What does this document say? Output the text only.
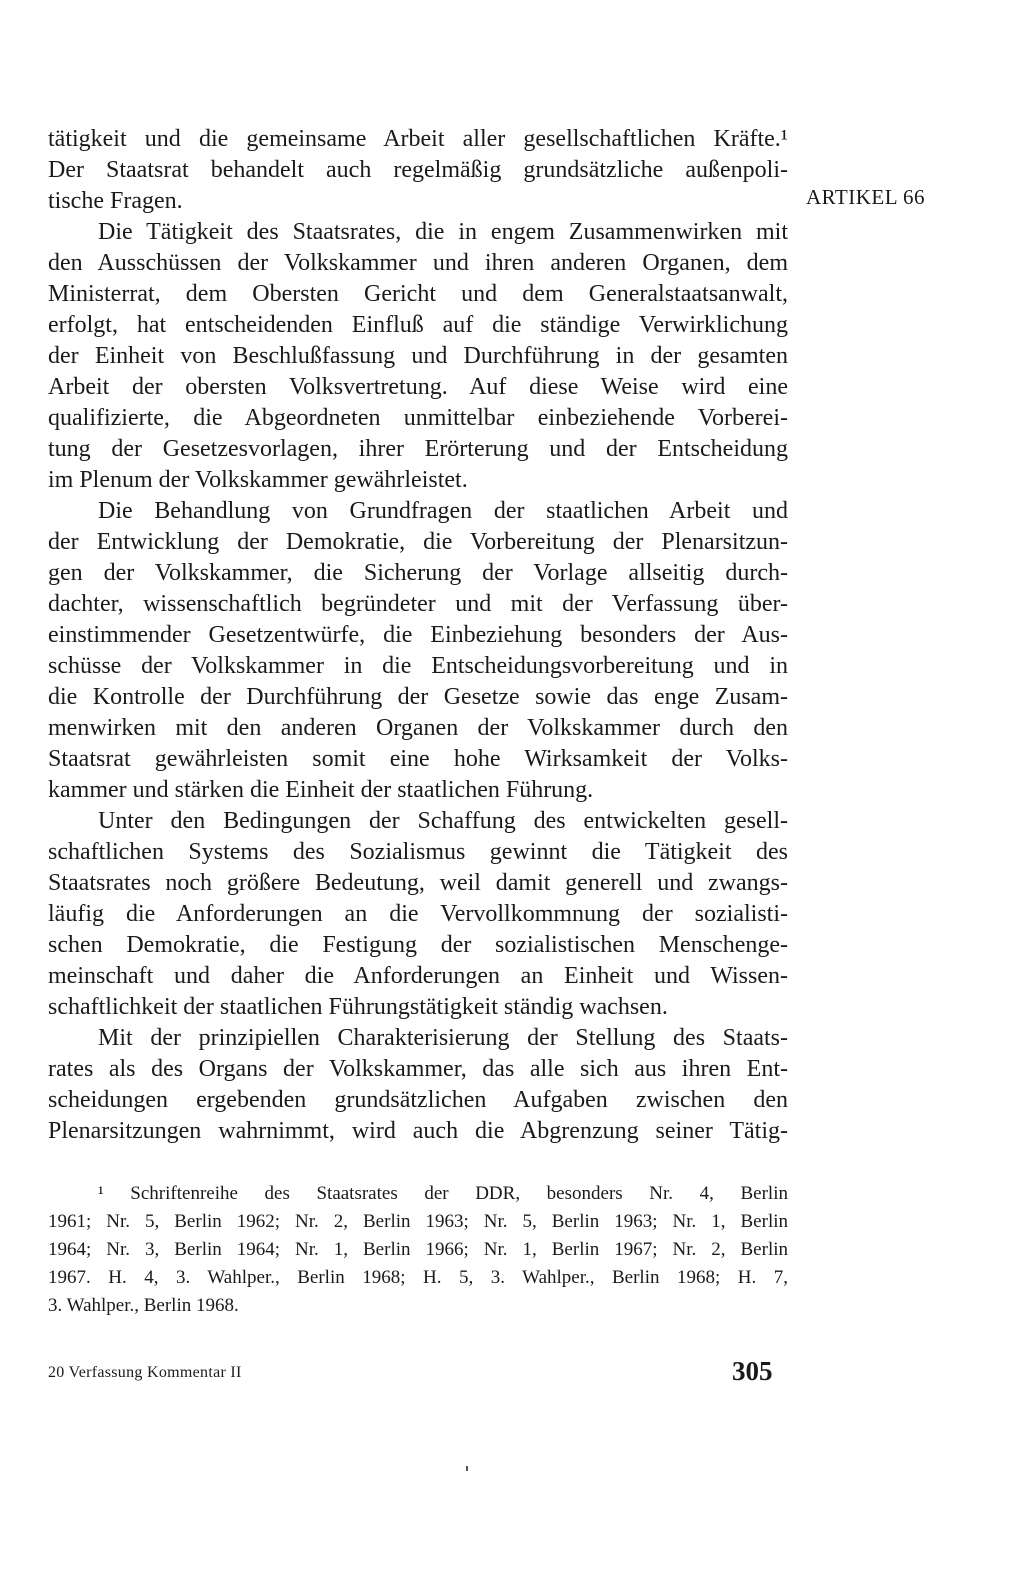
ARTIKEL 66
tätigkeit und die gemeinsame Arbeit aller gesellschaftlichen Kräfte.¹
Der Staatsrat behandelt auch regelmäßig grundsätzliche außenpoli-
tische Fragen.
Die Tätigkeit des Staatsrates, die in engem Zusammenwirken mit
den Ausschüssen der Volkskammer und ihren anderen Organen, dem
Ministerrat, dem Obersten Gericht und dem Generalstaatsanwalt,
erfolgt, hat entscheidenden Einfluß auf die ständige Verwirklichung
der Einheit von Beschlußfassung und Durchführung in der gesamten
Arbeit der obersten Volksvertretung. Auf diese Weise wird eine
qualifizierte, die Abgeordneten unmittelbar einbeziehende Vorberei-
tung der Gesetzesvorlagen, ihrer Erörterung und der Entscheidung
im Plenum der Volkskammer gewährleistet.
Die Behandlung von Grundfragen der staatlichen Arbeit und
der Entwicklung der Demokratie, die Vorbereitung der Plenarsitzun-
gen der Volkskammer, die Sicherung der Vorlage allseitig durch-
dachter, wissenschaftlich begründeter und mit der Verfassung über-
einstimmender Gesetzentwürfe, die Einbeziehung besonders der Aus-
schüsse der Volkskammer in die Entscheidungsvorbereitung und in
die Kontrolle der Durchführung der Gesetze sowie das enge Zusam-
menwirken mit den anderen Organen der Volkskammer durch den
Staatsrat gewährleisten somit eine hohe Wirksamkeit der Volks-
kammer und stärken die Einheit der staatlichen Führung.
Unter den Bedingungen der Schaffung des entwickelten gesell-
schaftlichen Systems des Sozialismus gewinnt die Tätigkeit des
Staatsrates noch größere Bedeutung, weil damit generell und zwangs-
läufig die Anforderungen an die Vervollkommnung der sozialisti-
schen Demokratie, die Festigung der sozialistischen Menschenge-
meinschaft und daher die Anforderungen an Einheit und Wissen-
schaftlichkeit der staatlichen Führungstätigkeit ständig wachsen.
Mit der prinzipiellen Charakterisierung der Stellung des Staats-
rates als des Organs der Volkskammer, das alle sich aus ihren Ent-
scheidungen ergebenden grundsätzlichen Aufgaben zwischen den
Plenarsitzungen wahrnimmt, wird auch die Abgrenzung seiner Tätig-
¹ Schriftenreihe des Staatsrates der DDR, besonders Nr. 4, Berlin
1961; Nr. 5, Berlin 1962; Nr. 2, Berlin 1963; Nr. 5, Berlin 1963; Nr. 1, Berlin
1964; Nr. 3, Berlin 1964; Nr. 1, Berlin 1966; Nr. 1, Berlin 1967; Nr. 2, Berlin
1967. H. 4, 3. Wahlper., Berlin 1968; H. 5, 3. Wahlper., Berlin 1968; H. 7,
3. Wahlper., Berlin 1968.
20 Verfassung Kommentar II	305
